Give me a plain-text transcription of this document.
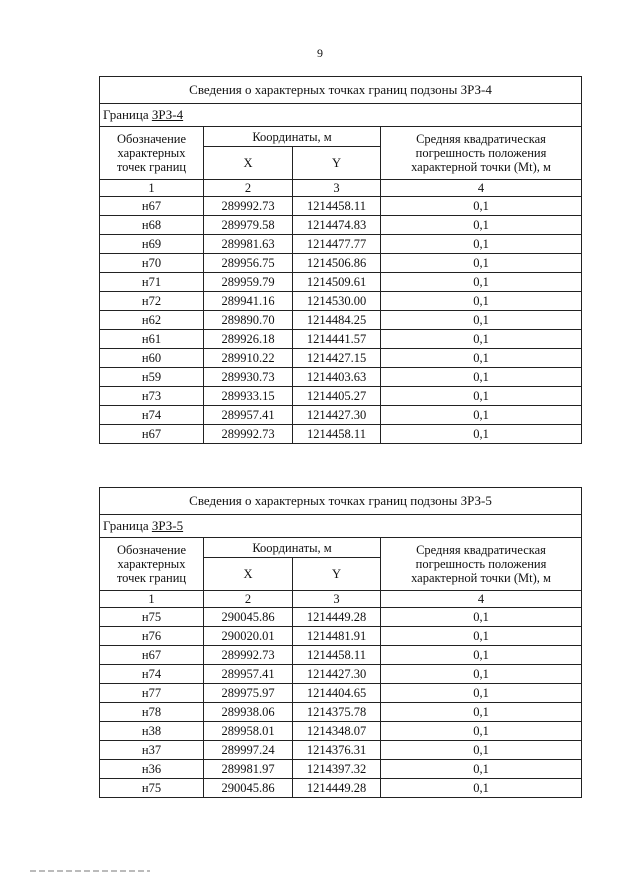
9
Сведения о характерных точках границ подзоны ЗРЗ-4			
Граница ЗРЗ-4			
Обозначение характерных точек границ	Координаты, м		Средняя квадратическая погрешность положения характерной точки (Mt), м
	X	Y	
1	2	3	4
н67	289992.73	1214458.11	0,1
н68	289979.58	1214474.83	0,1
н69	289981.63	1214477.77	0,1
н70	289956.75	1214506.86	0,1
н71	289959.79	1214509.61	0,1
н72	289941.16	1214530.00	0,1
н62	289890.70	1214484.25	0,1
н61	289926.18	1214441.57	0,1
н60	289910.22	1214427.15	0,1
н59	289930.73	1214403.63	0,1
н73	289933.15	1214405.27	0,1
н74	289957.41	1214427.30	0,1
н67	289992.73	1214458.11	0,1
Сведения о характерных точках границ подзоны ЗРЗ-5			
Граница ЗРЗ-5			
Обозначение характерных точек границ	Координаты, м		Средняя квадратическая погрешность положения характерной точки (Mt), м
	X	Y	
1	2	3	4
н75	290045.86	1214449.28	0,1
н76	290020.01	1214481.91	0,1
н67	289992.73	1214458.11	0,1
н74	289957.41	1214427.30	0,1
н77	289975.97	1214404.65	0,1
н78	289938.06	1214375.78	0,1
н38	289958.01	1214348.07	0,1
н37	289997.24	1214376.31	0,1
н36	289981.97	1214397.32	0,1
н75	290045.86	1214449.28	0,1
